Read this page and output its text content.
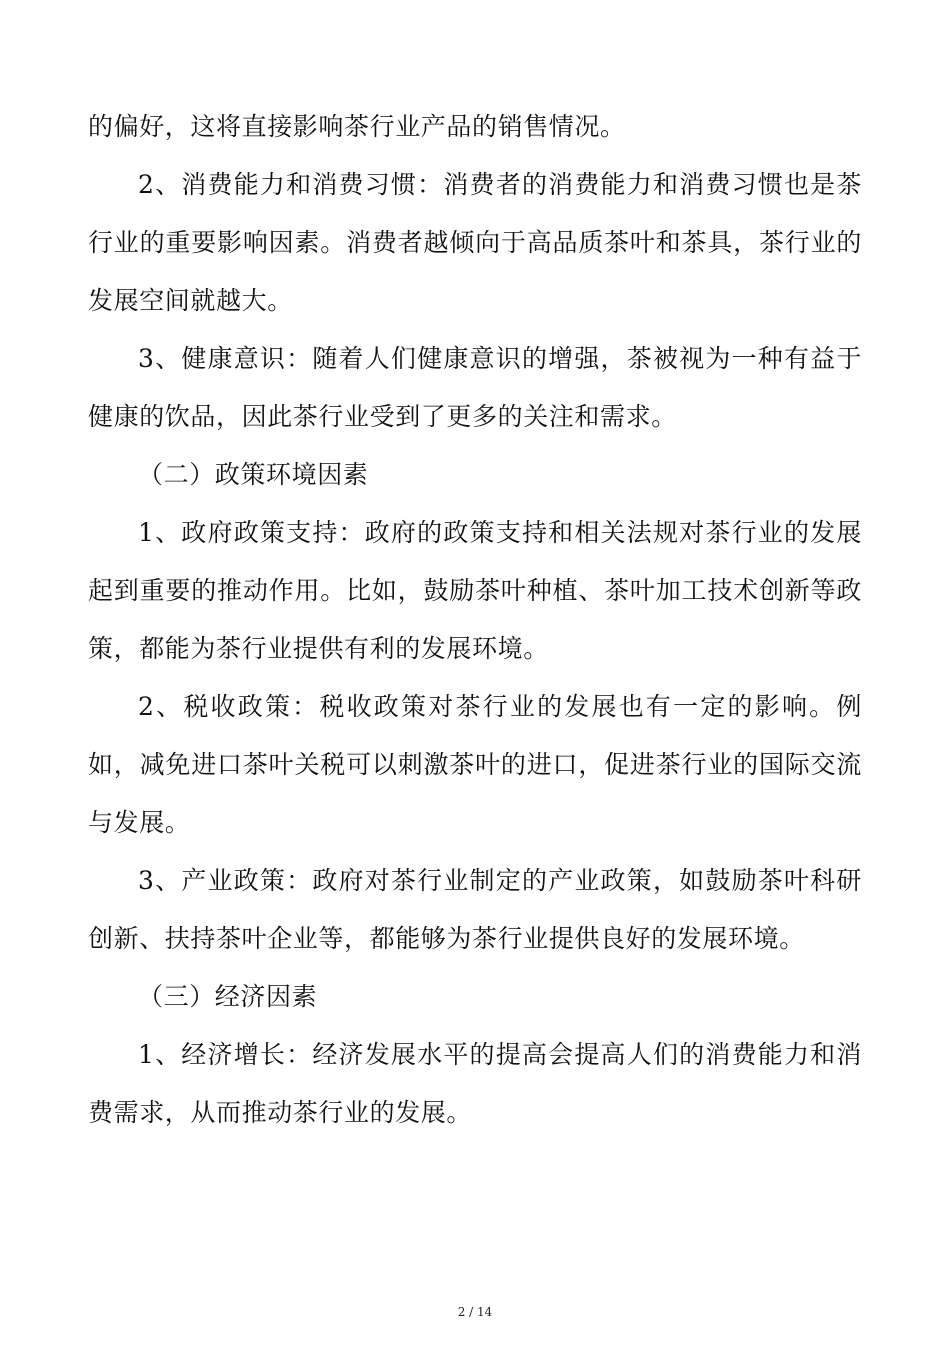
的偏好，这将直接影响茶行业产品的销售情况。

2、消费能力和消费习惯：消费者的消费能力和消费习惯也是茶行业的重要影响因素。消费者越倾向于高品质茶叶和茶具，茶行业的发展空间就越大。

3、健康意识：随着人们健康意识的增强，茶被视为一种有益于健康的饮品，因此茶行业受到了更多的关注和需求。

（二）政策环境因素

1、政府政策支持：政府的政策支持和相关法规对茶行业的发展起到重要的推动作用。比如，鼓励茶叶种植、茶叶加工技术创新等政策，都能为茶行业提供有利的发展环境。

2、税收政策：税收政策对茶行业的发展也有一定的影响。例如，减免进口茶叶关税可以刺激茶叶的进口，促进茶行业的国际交流与发展。

3、产业政策：政府对茶行业制定的产业政策，如鼓励茶叶科研创新、扶持茶叶企业等，都能够为茶行业提供良好的发展环境。

（三）经济因素

1、经济增长：经济发展水平的提高会提高人们的消费能力和消费需求，从而推动茶行业的发展。

2 / 14
